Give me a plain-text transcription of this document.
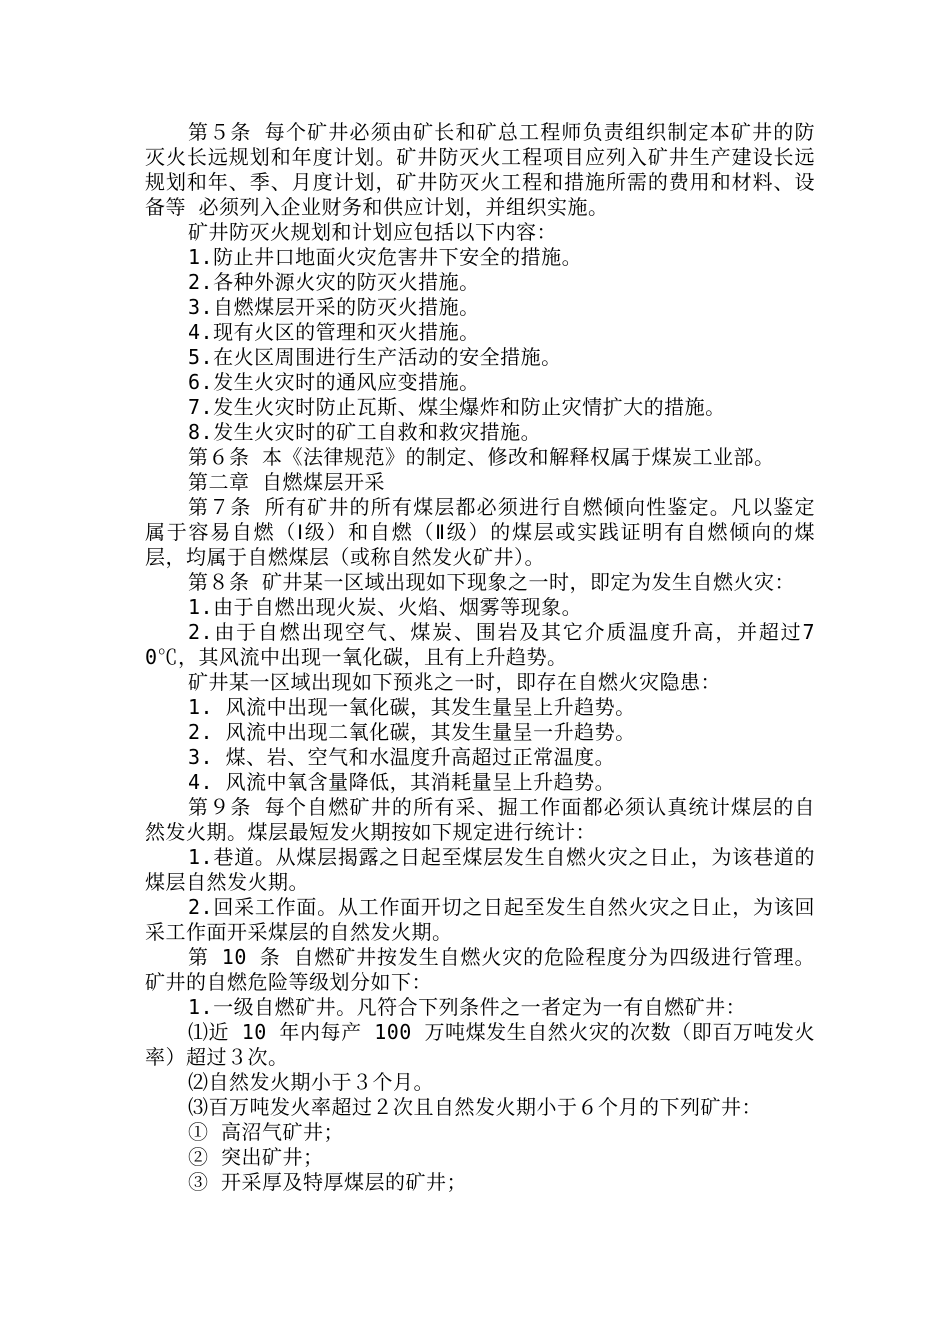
第５条 每个矿井必须由矿长和矿总工程师负责组织制定本矿井的防灭火长远规划和年度计划。矿井防灭火工程项目应列入矿井生产建设长远规划和年、季、月度计划，矿井防灭火工程和措施所需的费用和材料、设备等 必须列入企业财务和供应计划，并组织实施。

矿井防灭火规划和计划应包括以下内容：

1.防止井口地面火灾危害井下安全的措施。

2.各种外源火灾的防灭火措施。

3.自燃煤层开采的防灭火措施。

4.现有火区的管理和灭火措施。

5.在火区周围进行生产活动的安全措施。

6.发生火灾时的通风应变措施。

7.发生火灾时防止瓦斯、煤尘爆炸和防止灾情扩大的措施。

8.发生火灾时的矿工自救和救灾措施。

第６条 本《法律规范》的制定、修改和解释权属于煤炭工业部。

第二章 自燃煤层开采

第７条 所有矿井的所有煤层都必须进行自燃倾向性鉴定。凡以鉴定属于容易自燃（Ⅰ级）和自燃（Ⅱ级）的煤层或实践证明有自燃倾向的煤层，均属于自燃煤层（或称自然发火矿井）。

第８条 矿井某一区域出现如下现象之一时，即定为发生自燃火灾：

1.由于自燃出现火炭、火焰、烟雾等现象。

2.由于自燃出现空气、煤炭、围岩及其它介质温度升高，并超过70℃，其风流中出现一氧化碳，且有上升趋势。

矿井某一区域出现如下预兆之一时，即存在自燃火灾隐患：

1. 风流中出现一氧化碳，其发生量呈上升趋势。

2. 风流中出现二氧化碳，其发生量呈一升趋势。

3. 煤、岩、空气和水温度升高超过正常温度。

4. 风流中氧含量降低，其消耗量呈上升趋势。

第９条 每个自燃矿井的所有采、掘工作面都必须认真统计煤层的自然发火期。煤层最短发火期按如下规定进行统计：

1.巷道。从煤层揭露之日起至煤层发生自燃火灾之日止，为该巷道的煤层自然发火期。

2.回采工作面。从工作面开切之日起至发生自然火灾之日止，为该回采工作面开采煤层的自然发火期。

第 10 条 自燃矿井按发生自燃火灾的危险程度分为四级进行管理。矿井的自燃危险等级划分如下：

1.一级自燃矿井。凡符合下列条件之一者定为一有自燃矿井：

⑴近 10 年内每产 100 万吨煤发生自然火灾的次数（即百万吨发火率）超过３次。

⑵自然发火期小于３个月。

⑶百万吨发火率超过２次且自然发火期小于６个月的下列矿井：

① 高沼气矿井；

② 突出矿井；

③ 开采厚及特厚煤层的矿井；
